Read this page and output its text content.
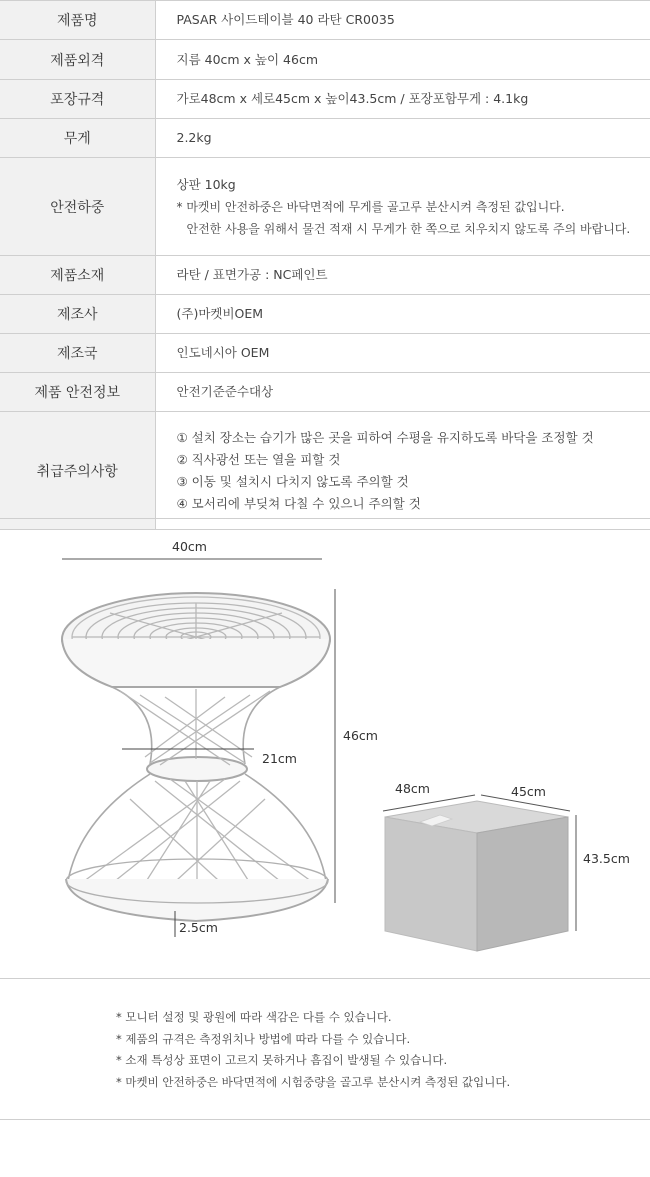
제품명	PASAR 사이드테이블 40 라탄 CR0035

제품외격	지름 40cm x 높이 46cm

포장규격	가로48cm x 세로45cm x 높이43.5cm / 포장포함무게 : 4.1kg

무게	2.2kg

안전하중	상판 10kg
* 마켓비 안전하중은 바닥면적에 무게를 골고루 분산시켜 측정된 값입니다.
안전한 사용을 위해서 물건 적재 시 무게가 한 쪽으로 치우치지 않도록 주의 바랍니다.

제품소재	라탄 / 표면가공 : NC페인트

제조사	(주)마켓비OEM

제조국	인도네시아 OEM

제품 안전정보	안전기준준수대상

취급주의사항	① 설치 장소는 습기가 많은 곳을 피하여 수평을 유지하도록 바닥을 조정할 것
② 직사광선 또는 열을 피할 것
③ 이동 및 설치시 다치지 않도록 주의할 것
④ 모서리에 부딪쳐 다칠 수 있으니 주의할 것
40cm
46cm
21cm
2.5cm
48cm	45cm
43.5cm
* 모니터 설정 및 광원에 따라 색감은 다를 수 있습니다.
* 제품의 규격은 측정위치나 방법에 따라 다를 수 있습니다.
* 소재 특성상 표면이 고르지 못하거나 흠집이 발생될 수 있습니다.
* 마켓비 안전하중은 바닥면적에 시험중량을 골고루 분산시켜 측정된 값입니다.
